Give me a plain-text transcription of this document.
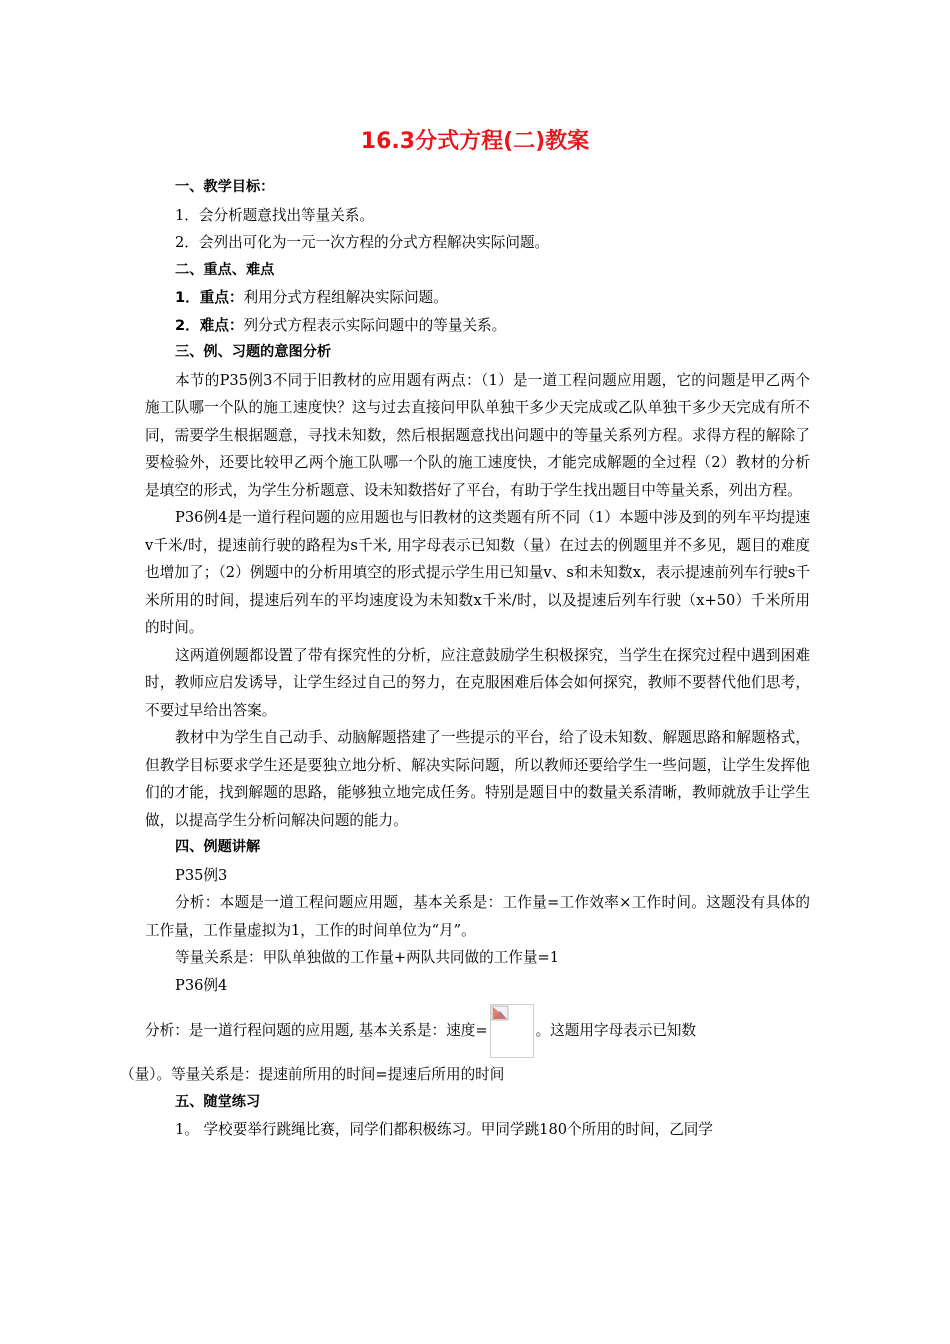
16.3分式方程(二)教案
一、教学目标：
1．会分析题意找出等量关系。
2．会列出可化为一元一次方程的分式方程解决实际问题。
二、重点、难点
1．重点：利用分式方程组解决实际问题。
2．难点：列分式方程表示实际问题中的等量关系。
三、例、习题的意图分析
本节的P35例3不同于旧教材的应用题有两点：（1）是一道工程问题应用题，它的问题是甲乙两个施工队哪一个队的施工速度快？这与过去直接问甲队单独干多少天完成或乙队单独干多少天完成有所不同，需要学生根据题意，寻找未知数，然后根据题意找出问题中的等量关系列方程。求得方程的解除了要检验外，还要比较甲乙两个施工队哪一个队的施工速度快，才能完成解题的全过程（2）教材的分析是填空的形式，为学生分析题意、设未知数搭好了平台，有助于学生找出题目中等量关系，列出方程。
P36例4是一道行程问题的应用题也与旧教材的这类题有所不同（1）本题中涉及到的列车平均提速v千米/时，提速前行驶的路程为s千米, 用字母表示已知数（量）在过去的例题里并不多见，题目的难度也增加了；（2）例题中的分析用填空的形式提示学生用已知量v、s和未知数x，表示提速前列车行驶s千米所用的时间，提速后列车的平均速度设为未知数x千米/时，以及提速后列车行驶（x+50）千米所用的时间。
这两道例题都设置了带有探究性的分析，应注意鼓励学生积极探究，当学生在探究过程中遇到困难时，教师应启发诱导，让学生经过自己的努力，在克服困难后体会如何探究，教师不要替代他们思考，不要过早给出答案。
教材中为学生自己动手、动脑解题搭建了一些提示的平台，给了设未知数、解题思路和解题格式，但教学目标要求学生还是要独立地分析、解决实际问题，所以教师还要给学生一些问题，让学生发挥他们的才能，找到解题的思路，能够独立地完成任务。特别是题目中的数量关系清晰，教师就放手让学生做，以提高学生分析问解决问题的能力。
四、例题讲解
P35例3
分析：本题是一道工程问题应用题，基本关系是：工作量=工作效率×工作时间。这题没有具体的工作量，工作量虚拟为1，工作的时间单位为“月”。
等量关系是：甲队单独做的工作量+两队共同做的工作量=1
P36例4
分析：是一道行程问题的应用题, 基本关系是：速度=	。这题用字母表示已知数
（量）。等量关系是：提速前所用的时间=提速后所用的时间
五、随堂练习
1。 学校要举行跳绳比赛，同学们都积极练习。甲同学跳180个所用的时间，乙同学
